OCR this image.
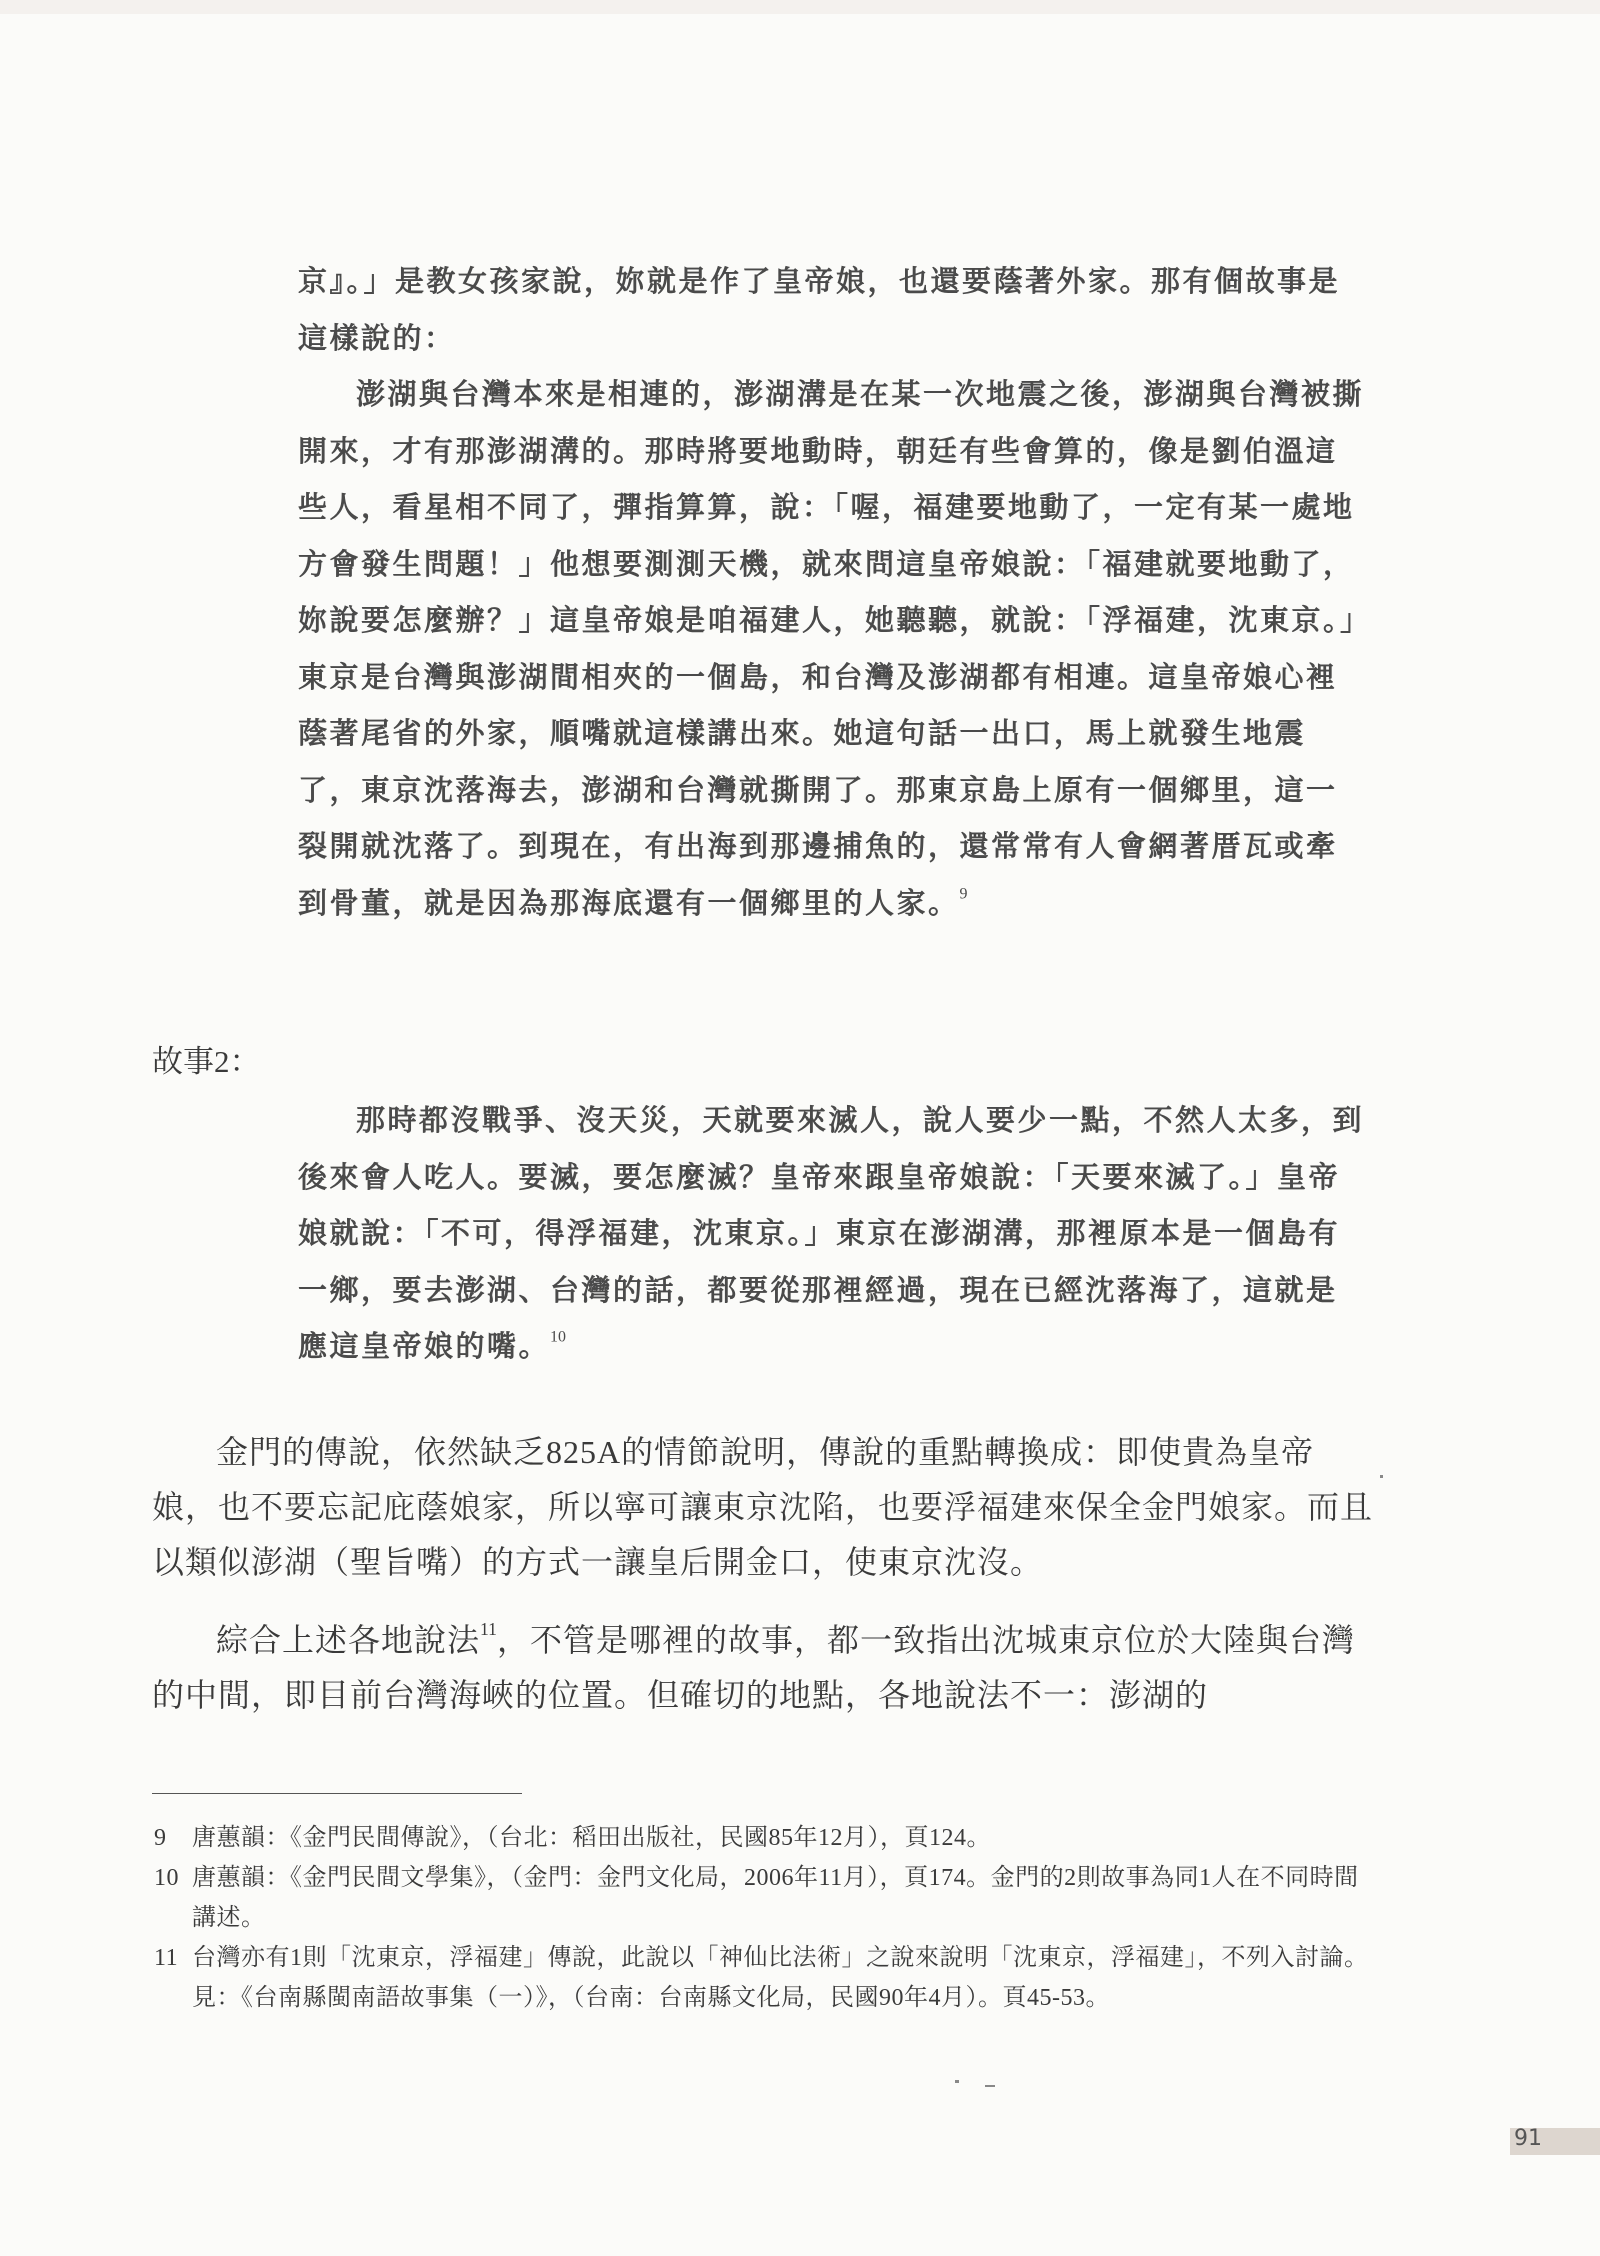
京』。」是教女孩家說，妳就是作了皇帝娘，也還要蔭著外家。那有個故事是這樣說的：

澎湖與台灣本來是相連的，澎湖溝是在某一次地震之後，澎湖與台灣被撕開來，才有那澎湖溝的。那時將要地動時，朝廷有些會算的，像是劉伯溫這些人，看星相不同了，彈指算算，說：「喔，福建要地動了，一定有某一處地方會發生問題！」他想要測測天機，就來問這皇帝娘說：「福建就要地動了，妳說要怎麼辦？」這皇帝娘是咱福建人，她聽聽，就說：「浮福建，沈東京。」東京是台灣與澎湖間相夾的一個島，和台灣及澎湖都有相連。這皇帝娘心裡蔭著尾省的外家，順嘴就這樣講出來。她這句話一出口，馬上就發生地震了，東京沈落海去，澎湖和台灣就撕開了。那東京島上原有一個鄉里，這一裂開就沈落了。到現在，有出海到那邊捕魚的，還常常有人會網著厝瓦或牽到骨董，就是因為那海底還有一個鄉里的人家。$^9$

故事2：

那時都沒戰爭、沒天災，天就要來滅人，說人要少一點，不然人太多，到後來會人吃人。要滅，要怎麼滅？皇帝來跟皇帝娘說：「天要來滅了。」皇帝娘就說：「不可，得浮福建，沈東京。」東京在澎湖溝，那裡原本是一個島有一鄉，要去澎湖、台灣的話，都要從那裡經過，現在已經沈落海了，這就是應這皇帝娘的嘴。$^{10}$

金門的傳說，依然缺乏825A的情節說明，傳說的重點轉換成：即使貴為皇帝娘，也不要忘記庇蔭娘家，所以寧可讓東京沈陷，也要浮福建來保全金門娘家。而且以類似澎湖（聖旨嘴）的方式一讓皇后開金口，使東京沈沒。

綜合上述各地說法$^{11}$，不管是哪裡的故事，都一致指出沈城東京位於大陸與台灣的中間，即目前台灣海峽的位置。但確切的地點，各地說法不一：澎湖的

9	唐蕙韻：《金門民間傳說》，（台北：稻田出版社，民國85年12月），頁124。
10 唐蕙韻：《金門民間文學集》，（金門：金門文化局，2006年11月），頁174。金門的2則故事為同1人在不同時間講述。
11 台灣亦有1則「沈東京，浮福建」傳說，此說以「神仙比法術」之說來說明「沈東京，浮福建」，不列入討論。見：《台南縣閩南語故事集（一）》，（台南：台南縣文化局，民國90年4月）。頁45-53。
91
